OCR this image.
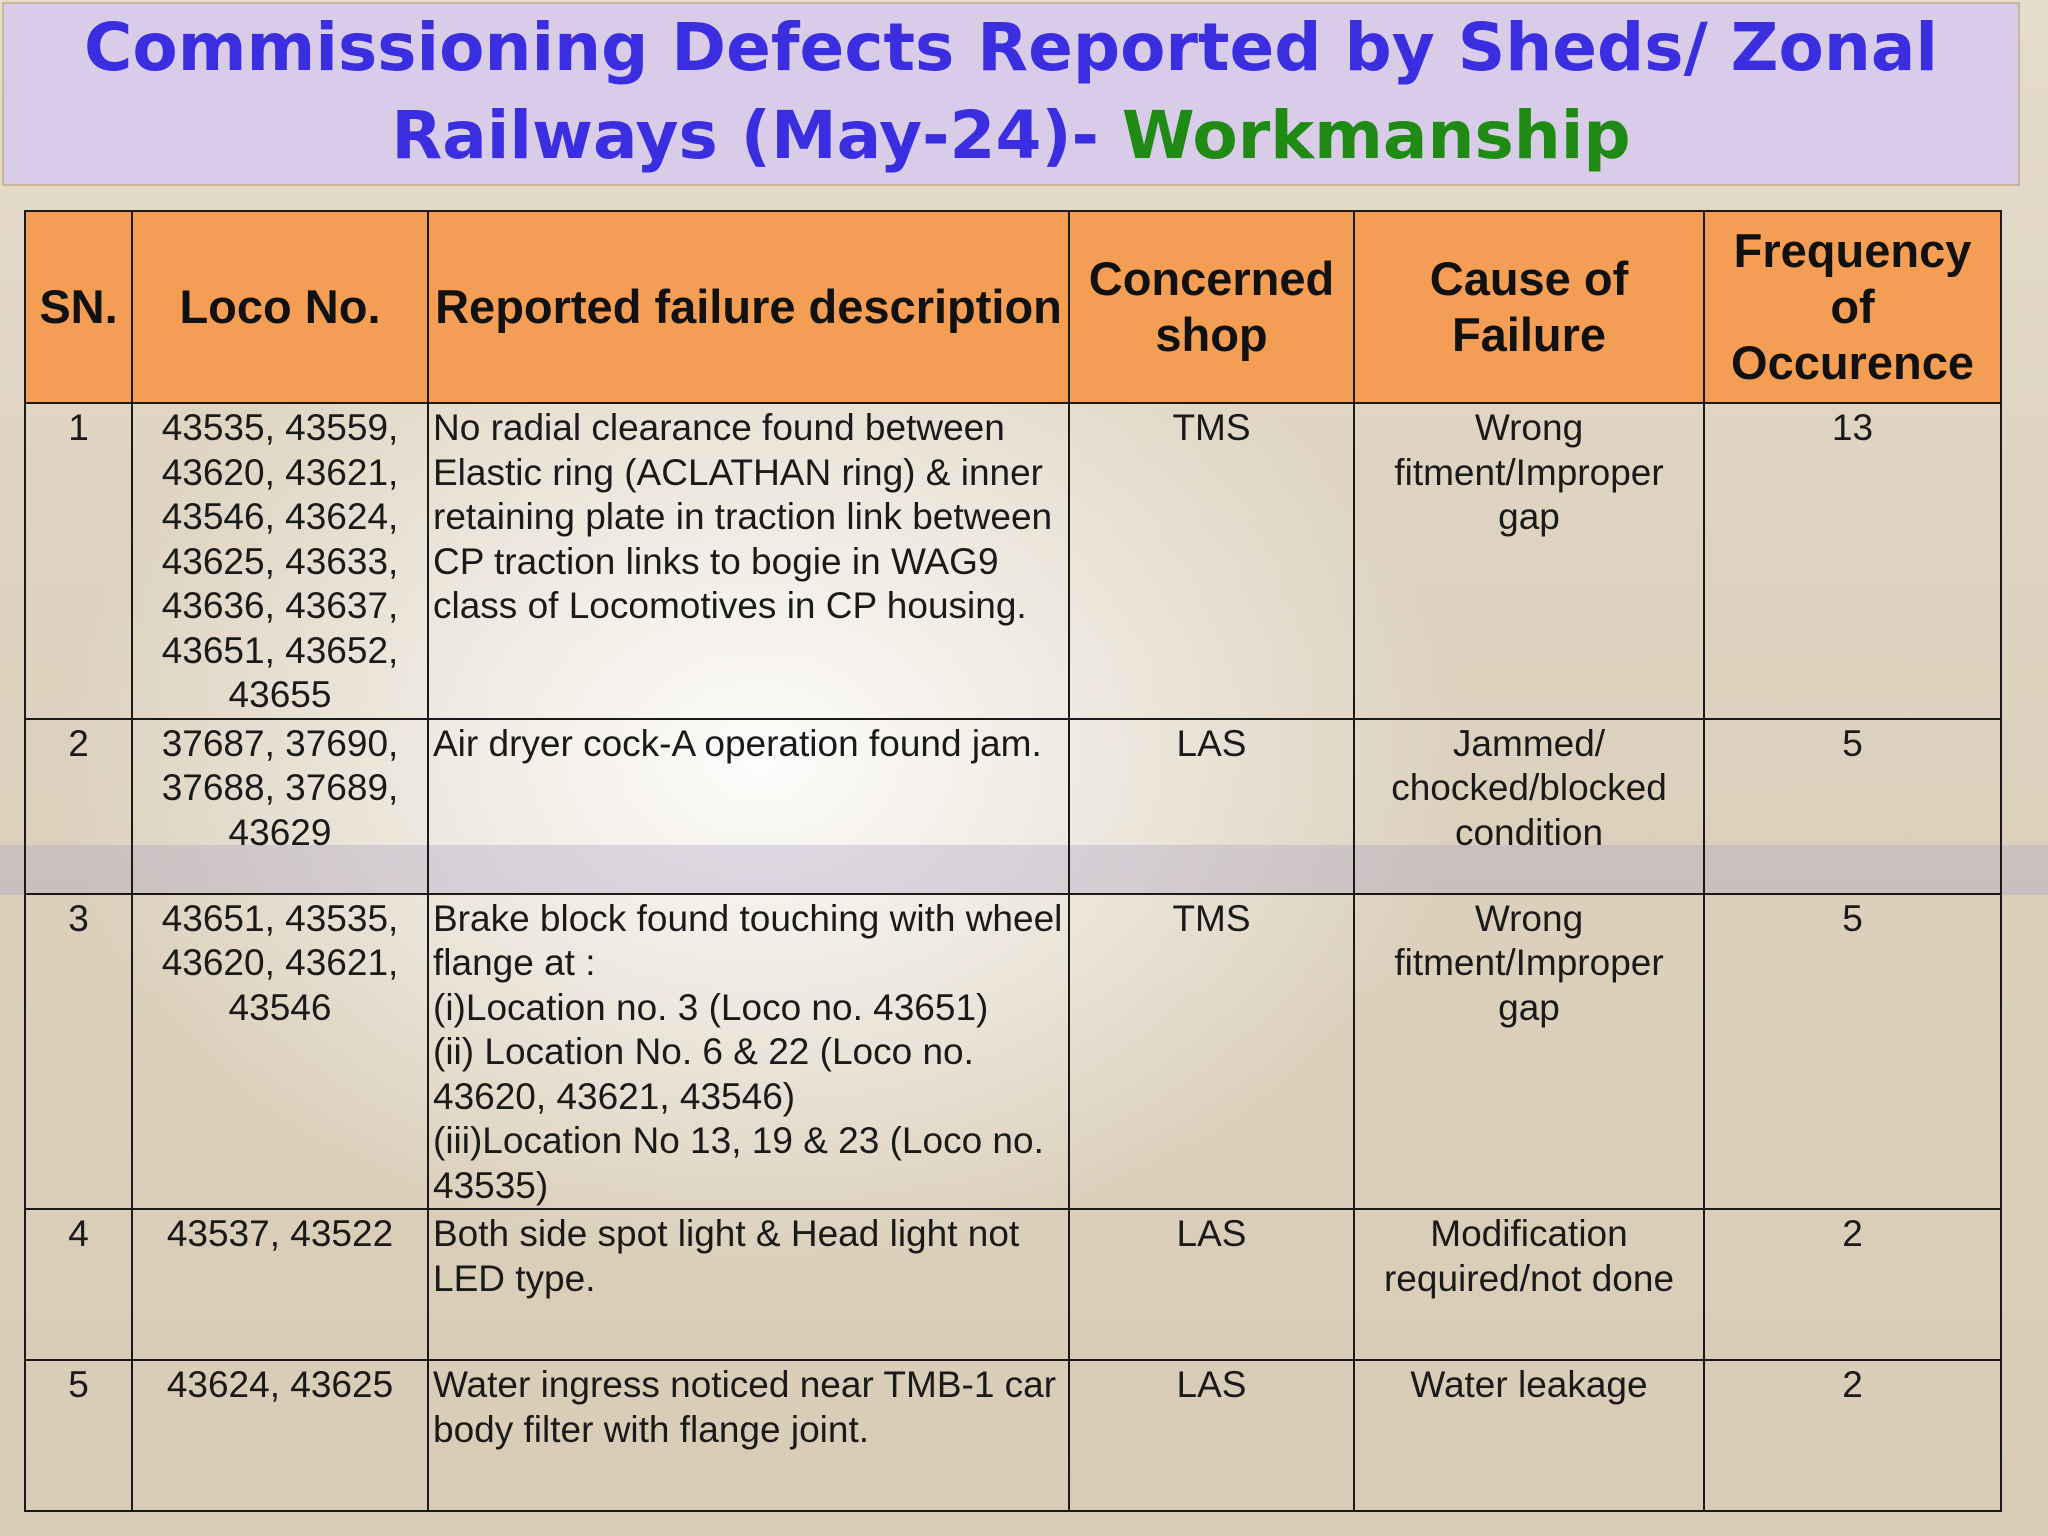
Commissioning Defects Reported by Sheds/ Zonal
Railways (May-24)- Workmanship
SN.	Loco No.	Reported failure description	Concerned shop	Cause of Failure	Frequency of Occurence
1	43535, 43559, 43620, 43621, 43546, 43624, 43625, 43633, 43636, 43637, 43651, 43652, 43655	No radial clearance found between Elastic ring (ACLATHAN ring) & inner retaining plate in traction link between CP traction links to bogie in WAG9 class of Locomotives in CP housing.	TMS	Wrong fitment/Improper gap	13
2	37687, 37690, 37688, 37689, 43629	Air dryer cock-A operation found jam.	LAS	Jammed/ chocked/blocked condition	5
3	43651, 43535, 43620, 43621, 43546	Brake block found touching with wheel flange at :
(i)Location no. 3 (Loco no. 43651)
(ii) Location No. 6 & 22 (Loco no. 43620, 43621, 43546)
(iii)Location No 13, 19 & 23 (Loco no. 43535)	TMS	Wrong fitment/Improper gap	5
4	43537, 43522	Both side spot light & Head light not LED type.	LAS	Modification required/not done	2
5	43624, 43625	Water ingress noticed near TMB-1 car body filter with flange joint.	LAS	Water leakage	2
